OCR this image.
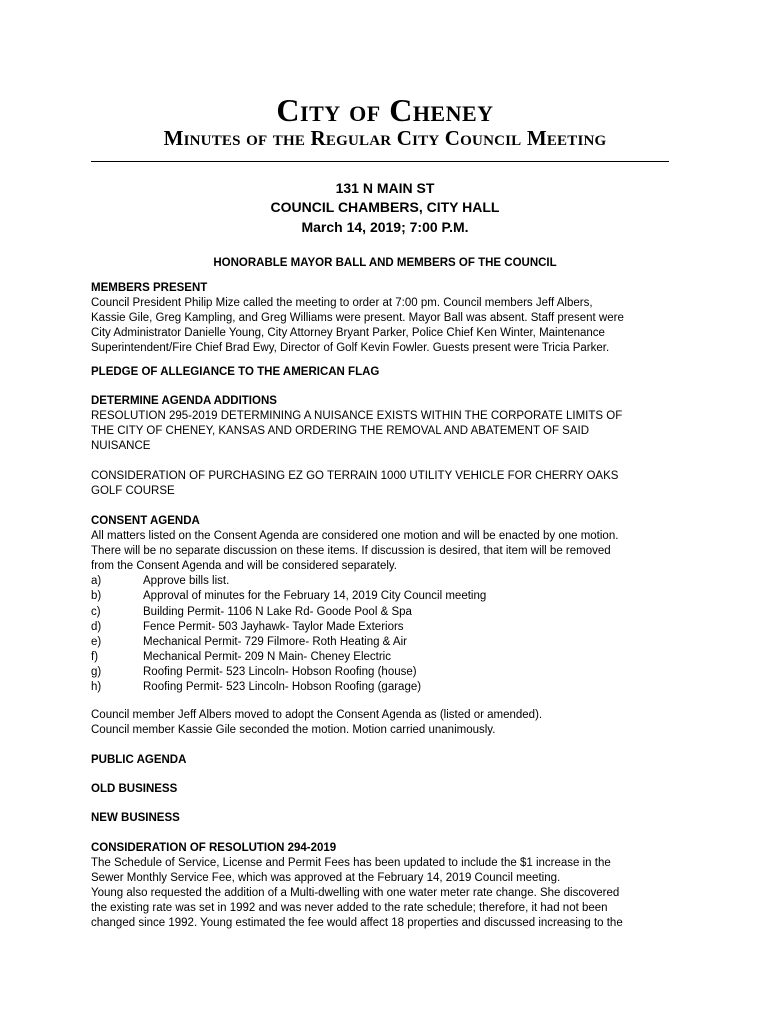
City of Cheney
Minutes of the Regular City Council Meeting
131 N MAIN ST
COUNCIL CHAMBERS, CITY HALL
March 14, 2019; 7:00 P.M.
HONORABLE MAYOR BALL AND MEMBERS OF THE COUNCIL
MEMBERS PRESENT
Council President Philip Mize called the meeting to order at 7:00 pm. Council members Jeff Albers,
Kassie Gile, Greg Kampling, and Greg Williams were present. Mayor Ball was absent. Staff present were
City Administrator Danielle Young, City Attorney Bryant Parker, Police Chief Ken Winter, Maintenance
Superintendent/Fire Chief Brad Ewy, Director of Golf Kevin Fowler. Guests present were Tricia Parker.
PLEDGE OF ALLEGIANCE TO THE AMERICAN FLAG
DETERMINE AGENDA ADDITIONS
RESOLUTION 295-2019 DETERMINING A NUISANCE EXISTS WITHIN THE CORPORATE LIMITS OF
THE CITY OF CHENEY, KANSAS AND ORDERING THE REMOVAL AND ABATEMENT OF SAID
NUISANCE
CONSIDERATION OF PURCHASING EZ GO TERRAIN 1000 UTILITY VEHICLE FOR CHERRY OAKS
GOLF COURSE
CONSENT AGENDA
All matters listed on the Consent Agenda are considered one motion and will be enacted by one motion.
There will be no separate discussion on these items. If discussion is desired, that item will be removed
from the Consent Agenda and will be considered separately.
a)	Approve bills list.
b)	Approval of minutes for the February 14, 2019 City Council meeting
c)	Building Permit- 1106 N Lake Rd- Goode Pool & Spa
d)	Fence Permit- 503 Jayhawk- Taylor Made Exteriors
e)	Mechanical Permit- 729 Filmore- Roth Heating & Air
f)	Mechanical Permit- 209 N Main- Cheney Electric
g)	Roofing Permit- 523 Lincoln- Hobson Roofing (house)
h)	Roofing Permit- 523 Lincoln- Hobson Roofing (garage)
Council member Jeff Albers moved to adopt the Consent Agenda as (listed or amended).
Council member Kassie Gile seconded the motion. Motion carried unanimously.
PUBLIC AGENDA
OLD BUSINESS
NEW BUSINESS
CONSIDERATION OF RESOLUTION 294-2019
The Schedule of Service, License and Permit Fees has been updated to include the $1 increase in the
Sewer Monthly Service Fee, which was approved at the February 14, 2019 Council meeting.
Young also requested the addition of a Multi-dwelling with one water meter rate change. She discovered
the existing rate was set in 1992 and was never added to the rate schedule; therefore, it had not been
changed since 1992. Young estimated the fee would affect 18 properties and discussed increasing to the
